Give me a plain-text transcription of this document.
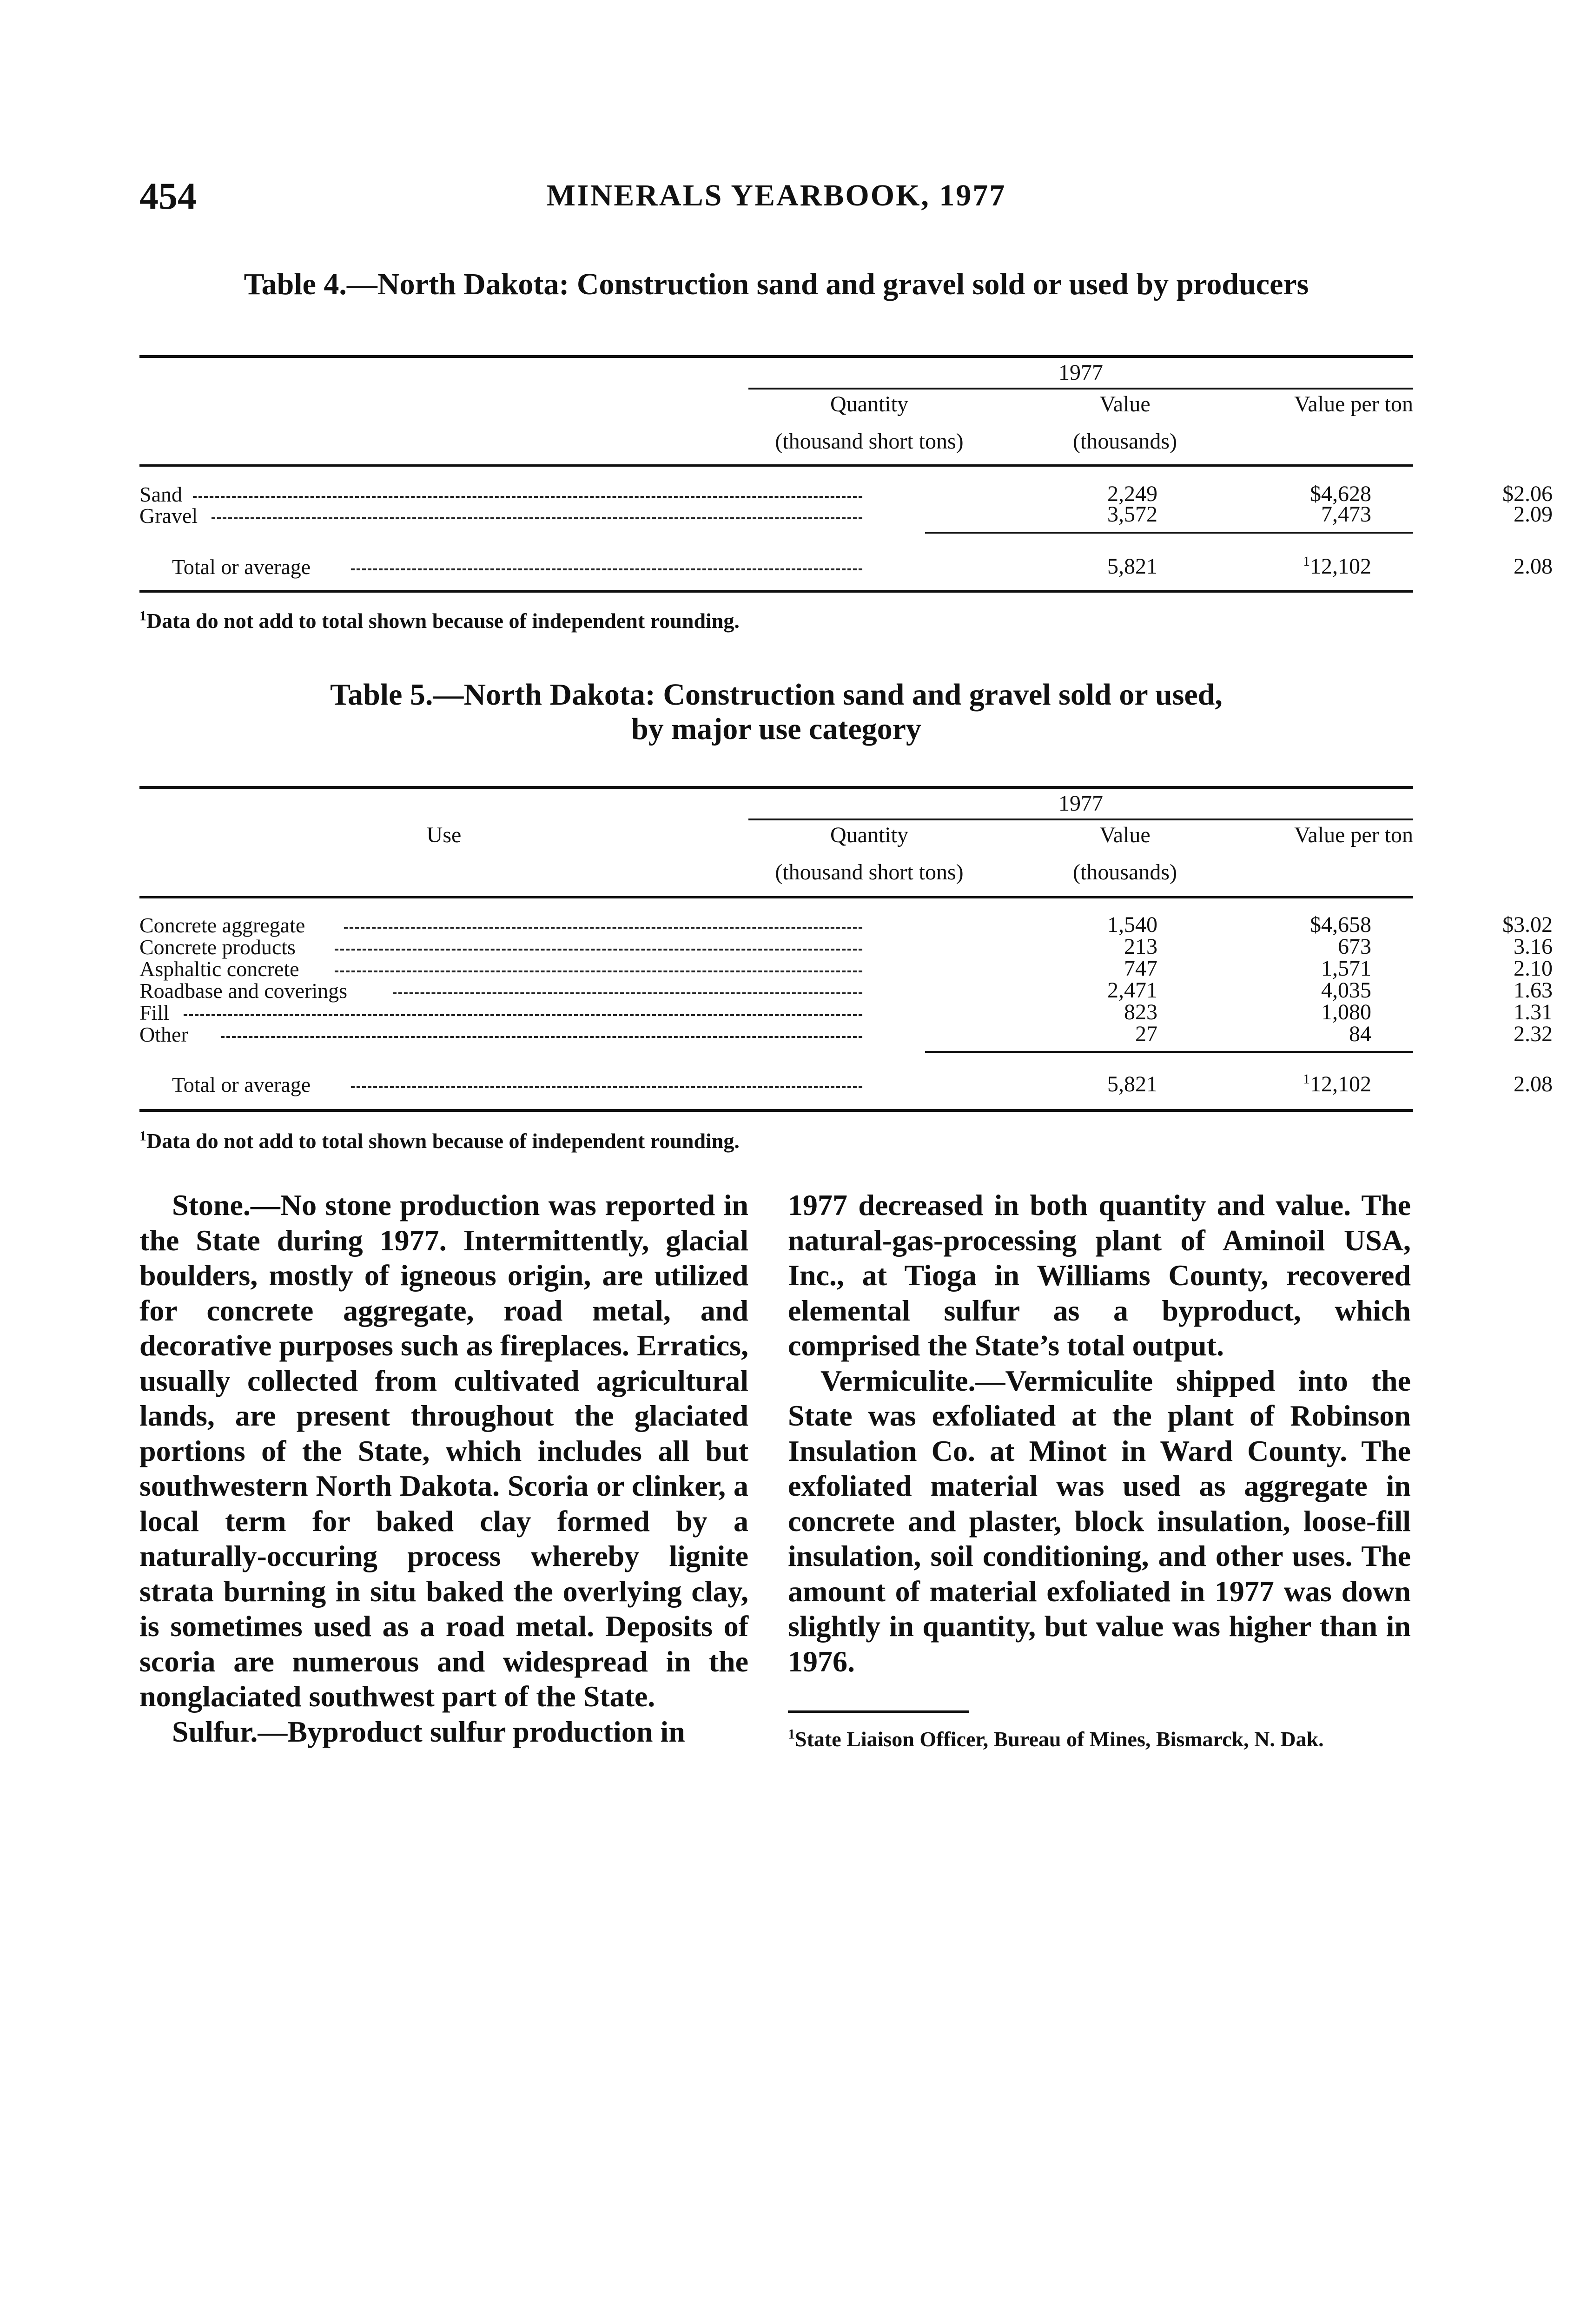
454	MINERALS YEARBOOK, 1977
Table 4.—North Dakota: Construction sand and gravel sold or used by producers
1977
Quantity
(thousand short tons)
Value
(thousands)
Value per ton
Sand	2,249	$4,628	$2.06
Gravel	3,572	7,473	2.09
Total or average	5,821	$^1$12,102	2.08
$^1$Data do not add to total shown because of independent rounding.
Table 5.—North Dakota: Construction sand and gravel sold or used,
by major use category
1977
Use	Quantity
(thousand short tons)
Value
(thousands)
Value per ton
Concrete aggregate	1,540	$4,658	$3.02
Concrete products	213	673	3.16
Asphaltic concrete	747	1,571	2.10
Roadbase and coverings	2,471	4,035	1.63
Fill	823	1,080	1.31
Other	27	84	2.32
Total or average	5,821	$^1$12,102	2.08
$^1$Data do not add to total shown because of independent rounding.

Stone.—No stone production was reported in the State during 1977. Intermittently, glacial boulders, mostly of igneous origin, are utilized for concrete aggregate, road metal, and decorative purposes such as fireplaces. Erratics, usually collected from cultivated agricultural lands, are present throughout the glaciated portions of the State, which includes all but southwestern North Dakota. Scoria or clinker, a local term for baked clay formed by a naturally-occuring process whereby lignite strata burning in situ baked the overlying clay, is sometimes used as a road metal. Deposits of scoria are numerous and widespread in the nonglaciated southwest part of the State.

Sulfur.—Byproduct sulfur production in

1977 decreased in both quantity and value. The natural-gas-processing plant of Aminoil USA, Inc., at Tioga in Williams County, recovered elemental sulfur as a byproduct, which comprised the State’s total output.

Vermiculite.—Vermiculite shipped into the State was exfoliated at the plant of Robinson Insulation Co. at Minot in Ward County. The exfoliated material was used as aggregate in concrete and plaster, block insulation, loose-fill insulation, soil conditioning, and other uses. The amount of material exfoliated in 1977 was down slightly in quantity, but value was higher than in 1976.

$^1$State Liaison Officer, Bureau of Mines, Bismarck, N. Dak.
